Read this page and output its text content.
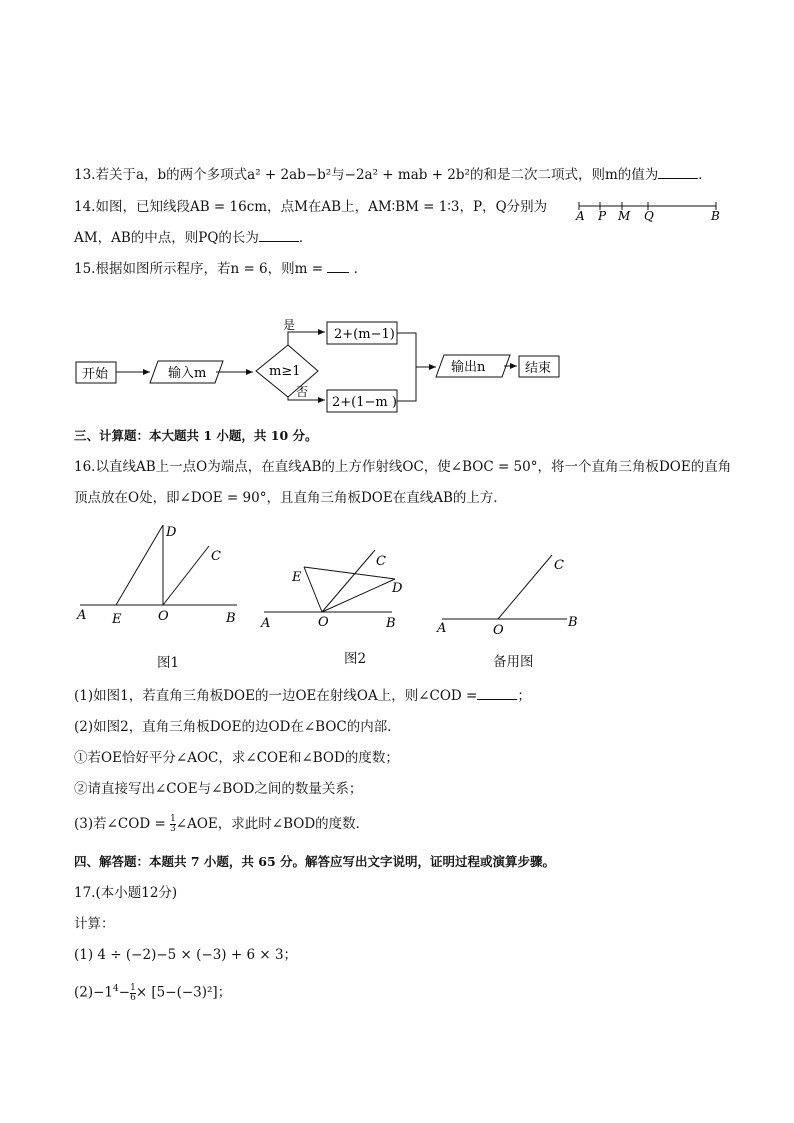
13.若关于a，b的两个多项式a² + 2ab−b²与−2a² + mab + 2b²的和是二次二项式，则m的值为	．
14.如图，已知线段AB = 16cm，点M在AB上，AM∶BM = 1∶3，P，Q分别为
AM，AB的中点，则PQ的长为	．
A P M Q	B
15.根据如图所示程序，若n = 6，则m =  ．
开始	输入m	m≥1
是
否
2+(m−1)
2+(1−m )
输出n	结束
三、计算题：本大题共 1 小题，共 10 分。
16.以直线AB上一点O为端点，在直线AB的上方作射线OC，使∠BOC = 50°，将一个直角三角板DOE的直角
顶点放在O处，即∠DOE = 90°，且直角三角板DOE在直线AB的上方．
A E	O	B
D
C
图1
A	O	B
E
C
D
图2
A	O
B
C
备用图
(1)如图1，若直角三角板DOE的一边OE在射线OA上，则∠COD =	；
(2)如图2，直角三角板DOE的边OD在∠BOC的内部．
①若OE恰好平分∠AOC，求∠COE和∠BOD的度数；
②请直接写出∠COE与∠BOD之间的数量关系；
(3)若∠COD = $\frac{1}{3}$ ∠AOE，求此时∠BOD的度数．
四、解答题：本题共 7 小题，共 65 分。解答应写出文字说明，证明过程或演算步骤。
17.(本小题12分)
计算：
(1) 4 ÷ (−2)−5 × (−3) + 6 × 3；
$(2)-1^4- \frac{1}{6} \times [5-(-3)^2]$；
